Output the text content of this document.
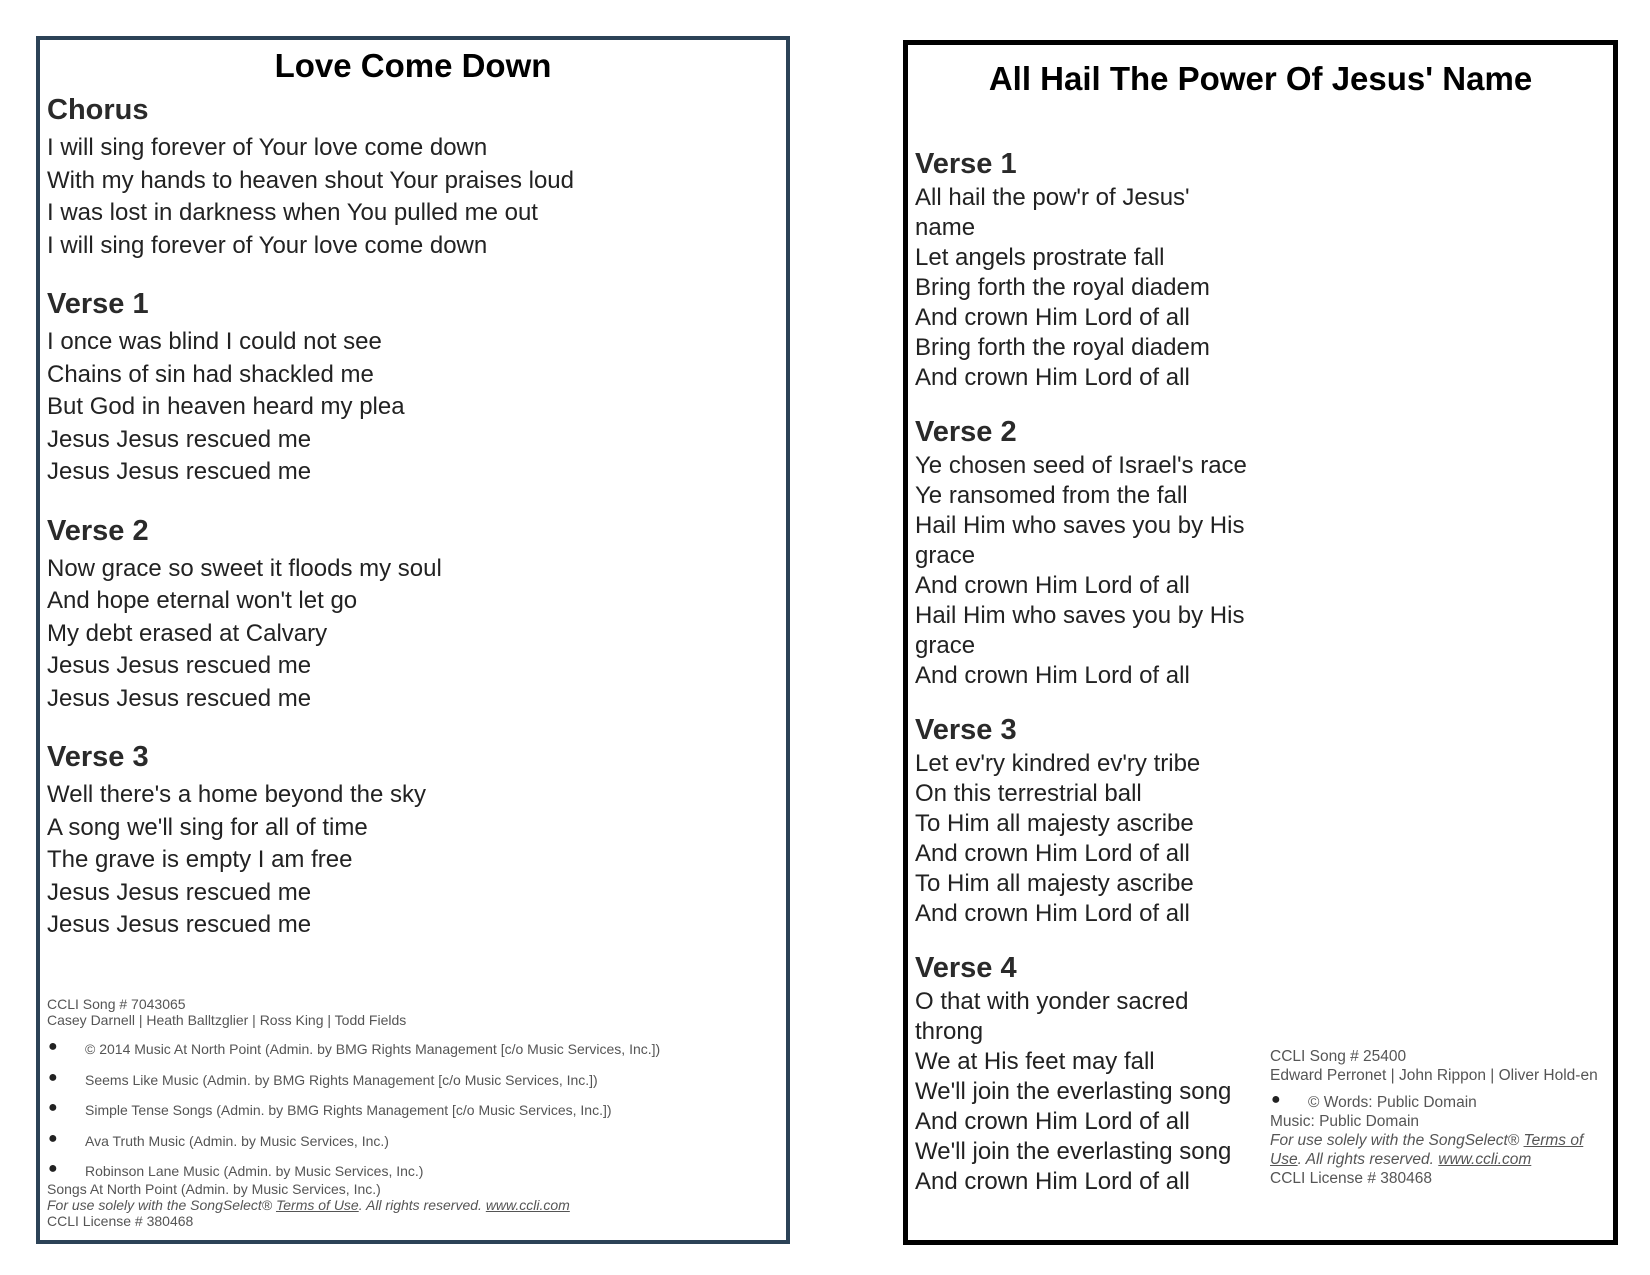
Love Come Down
Chorus
I will sing forever of Your love come down
With my hands to heaven shout Your praises loud
I was lost in darkness when You pulled me out
I will sing forever of Your love come down
Verse 1
I once was blind I could not see
Chains of sin had shackled me
But God in heaven heard my plea
Jesus Jesus rescued me
Jesus Jesus rescued me
Verse 2
Now grace so sweet it floods my soul
And hope eternal won't let go
My debt erased at Calvary
Jesus Jesus rescued me
Jesus Jesus rescued me
Verse 3
Well there's a home beyond the sky
A song we'll sing for all of time
The grave is empty I am free
Jesus Jesus rescued me
Jesus Jesus rescued me
CCLI Song # 7043065
Casey Darnell | Heath Balltzglier | Ross King | Todd Fields
● © 2014 Music At North Point (Admin. by BMG Rights Management [c/o Music Services, Inc.])
● Seems Like Music (Admin. by BMG Rights Management [c/o Music Services, Inc.])
● Simple Tense Songs (Admin. by BMG Rights Management [c/o Music Services, Inc.])
● Ava Truth Music (Admin. by Music Services, Inc.)
● Robinson Lane Music (Admin. by Music Services, Inc.)
Songs At North Point (Admin. by Music Services, Inc.)
For use solely with the SongSelect® Terms of Use. All rights reserved. www.ccli.com
CCLI License # 380468
All Hail The Power Of Jesus' Name
Verse 1
All hail the pow'r of Jesus' name
Let angels prostrate fall
Bring forth the royal diadem
And crown Him Lord of all
Bring forth the royal diadem
And crown Him Lord of all
Verse 2
Ye chosen seed of Israel's race
Ye ransomed from the fall
Hail Him who saves you by His grace
And crown Him Lord of all
Hail Him who saves you by His grace
And crown Him Lord of all
Verse 3
Let ev'ry kindred ev'ry tribe
On this terrestrial ball
To Him all majesty ascribe
And crown Him Lord of all
To Him all majesty ascribe
And crown Him Lord of all
Verse 4
O that with yonder sacred throng
We at His feet may fall
We'll join the everlasting song
And crown Him Lord of all
We'll join the everlasting song
And crown Him Lord of all
CCLI Song # 25400
Edward Perronet | John Rippon | Oliver Hold-en
● © Words: Public Domain
Music: Public Domain
For use solely with the SongSelect® Terms of Use. All rights reserved. www.ccli.com
CCLI License # 380468
